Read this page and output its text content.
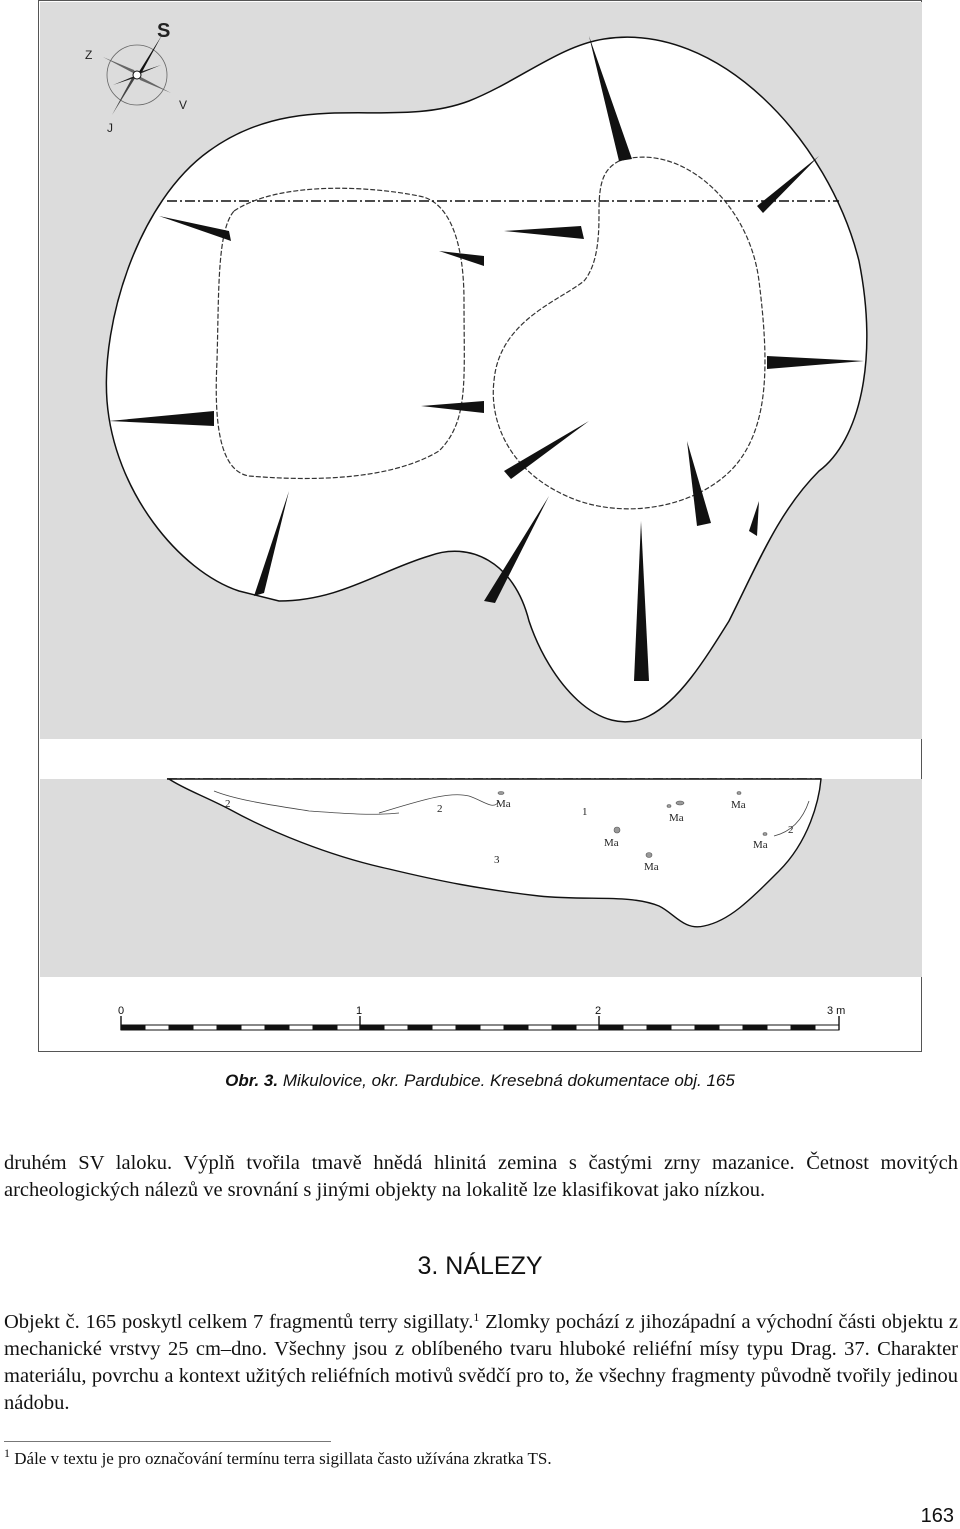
S
J
V
Z
2	2
2
1
3
Ma
Ma
Ma
Ma
Ma
Ma
0	1	2	3 m
Obr. 3. Mikulovice, okr. Pardubice. Kresebná dokumentace obj. 165

druhém SV laloku. Výplň tvořila tmavě hnědá hlinitá zemina s častými zrny mazanice. Četnost movitých archeologických nálezů ve srovnání s jinými objekty na lokalitě lze klasifikovat jako nízkou.

3. NÁLEZY

Objekt č. 165 poskytl celkem 7 fragmentů terry sigillaty.$^1$ Zlomky pochází z jihozápadní a východní části objektu z mechanické vrstvy 25 cm–dno. Všechny jsou z oblíbeného tvaru hluboké reliéfní mísy typu Drag. 37. Charakter materiálu, povrchu a kontext užitých reliéfních motivů svědčí pro to, že všechny fragmenty původně tvořily jedinou nádobu.

$^1$ Dále v textu je pro označování termínu terra sigillata často užívána zkratka TS.
163
